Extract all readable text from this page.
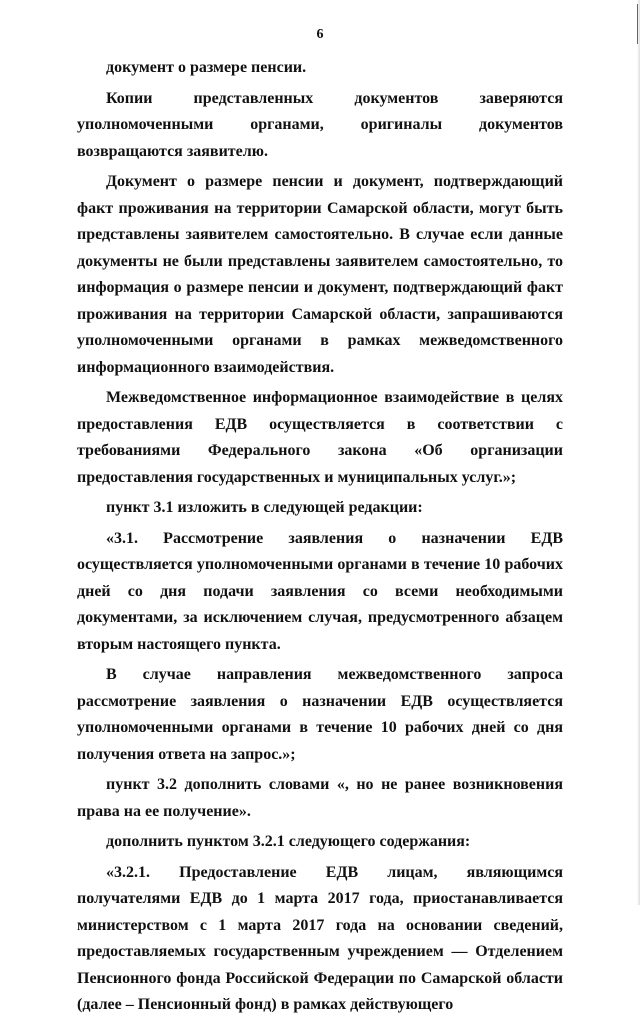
6

документ о размере пенсии.

Копии представленных документов заверяются уполномоченными органами, оригиналы документов возвращаются заявителю.

Документ о размере пенсии и документ, подтверждающий факт проживания на территории Самарской области, могут быть представлены заявителем самостоятельно. В случае если данные документы не были представлены заявителем самостоятельно, то информация о размере пенсии и документ, подтверждающий факт проживания на территории Самарской области, запрашиваются уполномоченными органами в рамках межведомственного информационного взаимодействия.

Межведомственное информационное взаимодействие в целях предоставления ЕДВ осуществляется в соответствии с требованиями Федерального закона «Об организации предоставления государственных и муниципальных услуг.»;

пункт 3.1 изложить в следующей редакции:

«3.1. Рассмотрение заявления о назначении ЕДВ осуществляется уполномоченными органами в течение 10 рабочих дней со дня подачи заявления со всеми необходимыми документами, за исключением случая, предусмотренного абзацем вторым настоящего пункта.

В случае направления межведомственного запроса рассмотрение заявления о назначении ЕДВ осуществляется уполномоченными органами в течение 10 рабочих дней со дня получения ответа на запрос.»;

пункт 3.2 дополнить словами «, но не ранее возникновения права на ее получение».

дополнить пунктом 3.2.1 следующего содержания:

«3.2.1. Предоставление ЕДВ лицам, являющимся получателями ЕДВ до 1 марта 2017 года, приостанавливается министерством с 1 марта 2017 года на основании сведений, предоставляемых государственным учреждением — Отделением Пенсионного фонда Российской Федерации по Самарской области (далее – Пенсионный фонд) в рамках действующего
